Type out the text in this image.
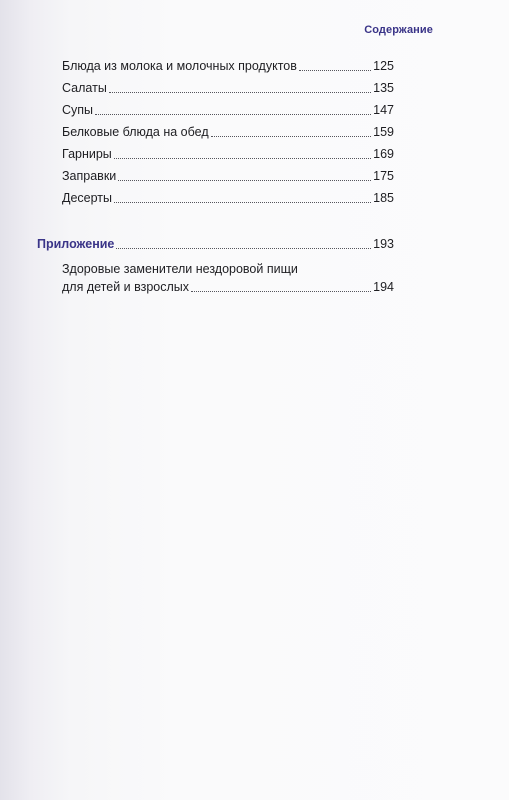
Содержание
Блюда из молока и молочных продуктов	125
Салаты	135
Супы	147
Белковые блюда на обед	159
Гарниры	169
Заправки	175
Десерты	185
Приложение	193
Здоровые заменители нездоровой пищи
для детей и взрослых	194
